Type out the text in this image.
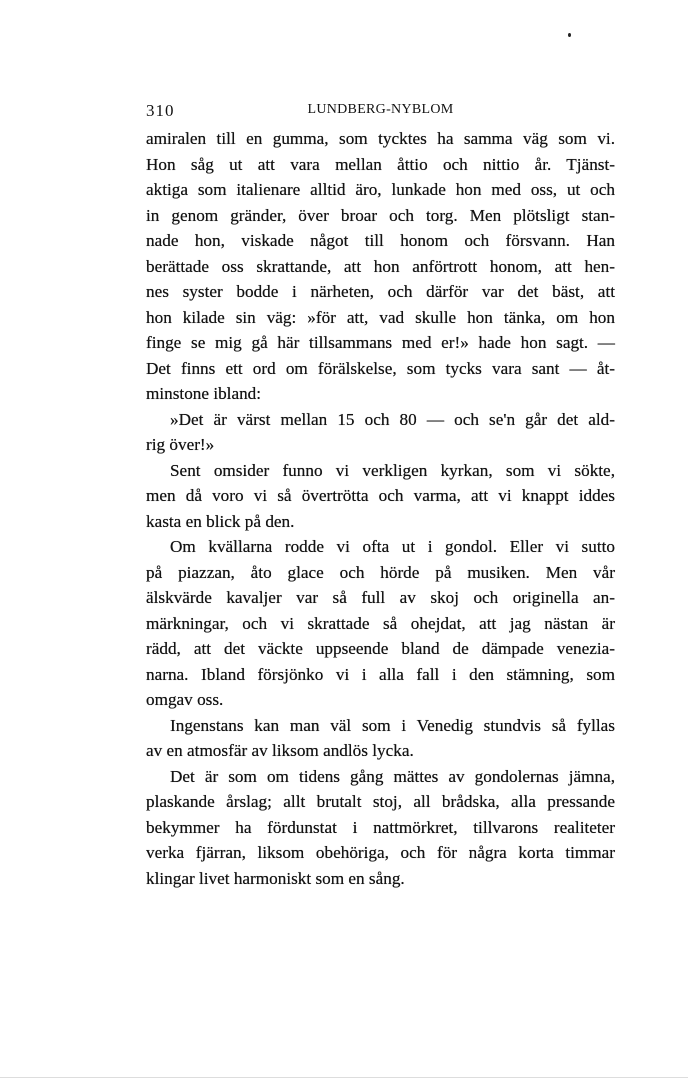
310	LUNDBERG-NYBLOM
amiralen till en gumma, som tycktes ha samma väg som vi.
Hon såg ut att vara mellan åttio och nittio år. Tjänst-
aktiga som italienare alltid äro, lunkade hon med oss, ut och
in genom gränder, över broar och torg. Men plötsligt stan-
nade hon, viskade något till honom och försvann. Han
berättade oss skrattande, att hon anförtrott honom, att hen-
nes syster bodde i närheten, och därför var det bäst, att
hon kilade sin väg: »för att, vad skulle hon tänka, om hon
finge se mig gå här tillsammans med er!» hade hon sagt. —
Det finns ett ord om förälskelse, som tycks vara sant — åt-
minstone ibland:
»Det är värst mellan 15 och 80 — och se'n går det ald-
rig över!»
Sent omsider funno vi verkligen kyrkan, som vi sökte,
men då voro vi så övertrötta och varma, att vi knappt iddes
kasta en blick på den.
Om kvällarna rodde vi ofta ut i gondol. Eller vi sutto
på piazzan, åto glace och hörde på musiken. Men vår
älskvärde kavaljer var så full av skoj och originella an-
märkningar, och vi skrattade så ohejdat, att jag nästan är
rädd, att det väckte uppseende bland de dämpade venezia-
narna. Ibland försjönko vi i alla fall i den stämning, som
omgav oss.
Ingenstans kan man väl som i Venedig stundvis så fyllas
av en atmosfär av liksom andlös lycka.
Det är som om tidens gång mättes av gondolernas jämna,
plaskande årslag; allt brutalt stoj, all brådska, alla pressande
bekymmer ha fördunstat i nattmörkret, tillvarons realiteter
verka fjärran, liksom obehöriga, och för några korta timmar
klingar livet harmoniskt som en sång.
